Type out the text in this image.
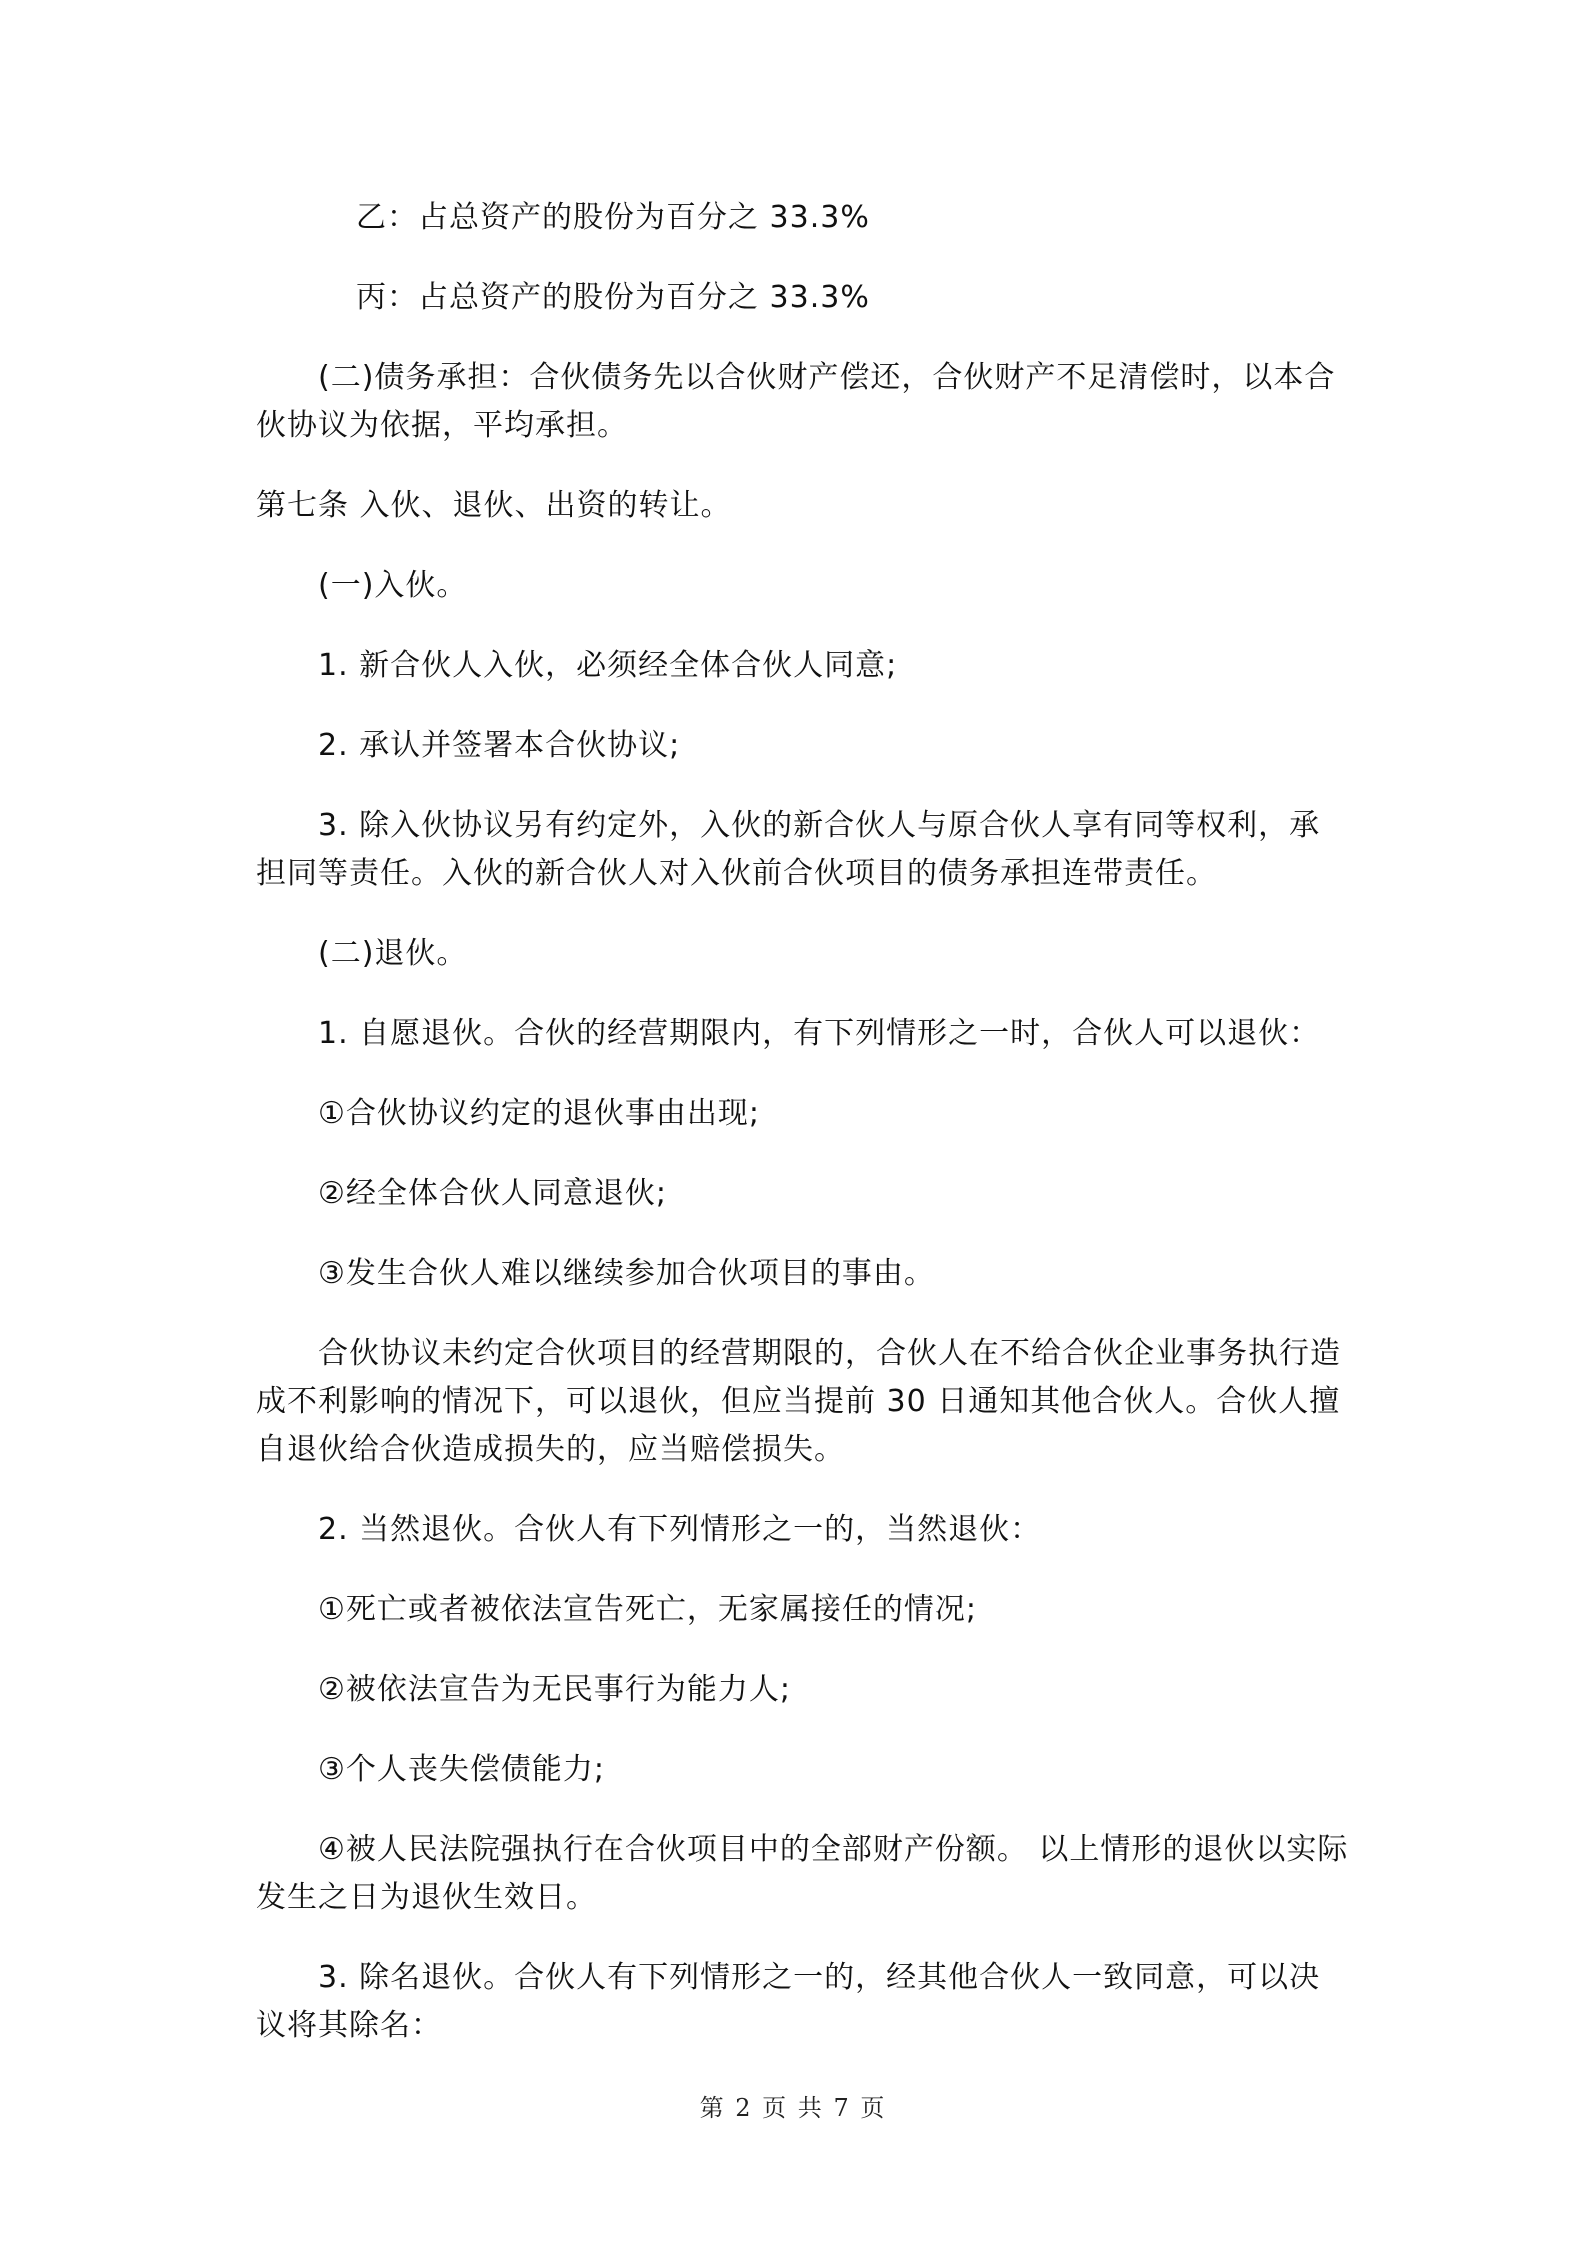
乙：占总资产的股份为百分之 33.3%

丙：占总资产的股份为百分之 33.3%

(二)债务承担：合伙债务先以合伙财产偿还，合伙财产不足清偿时，以本合伙协议为依据，平均承担。

第七条 入伙、退伙、出资的转让。

(一)入伙。

1. 新合伙人入伙，必须经全体合伙人同意;

2. 承认并签署本合伙协议;

3. 除入伙协议另有约定外，入伙的新合伙人与原合伙人享有同等权利，承担同等责任。入伙的新合伙人对入伙前合伙项目的债务承担连带责任。

(二)退伙。

1. 自愿退伙。合伙的经营期限内，有下列情形之一时，合伙人可以退伙：

①合伙协议约定的退伙事由出现;

②经全体合伙人同意退伙;

③发生合伙人难以继续参加合伙项目的事由。

合伙协议未约定合伙项目的经营期限的，合伙人在不给合伙企业事务执行造成不利影响的情况下，可以退伙，但应当提前 30 日通知其他合伙人。合伙人擅自退伙给合伙造成损失的，应当赔偿损失。

2. 当然退伙。合伙人有下列情形之一的，当然退伙：

①死亡或者被依法宣告死亡，无家属接任的情况;

②被依法宣告为无民事行为能力人;

③个人丧失偿债能力;

④被人民法院强执行在合伙项目中的全部财产份额。 以上情形的退伙以实际发生之日为退伙生效日。

3. 除名退伙。合伙人有下列情形之一的，经其他合伙人一致同意，可以决议将其除名：

第 2 页 共 7 页
